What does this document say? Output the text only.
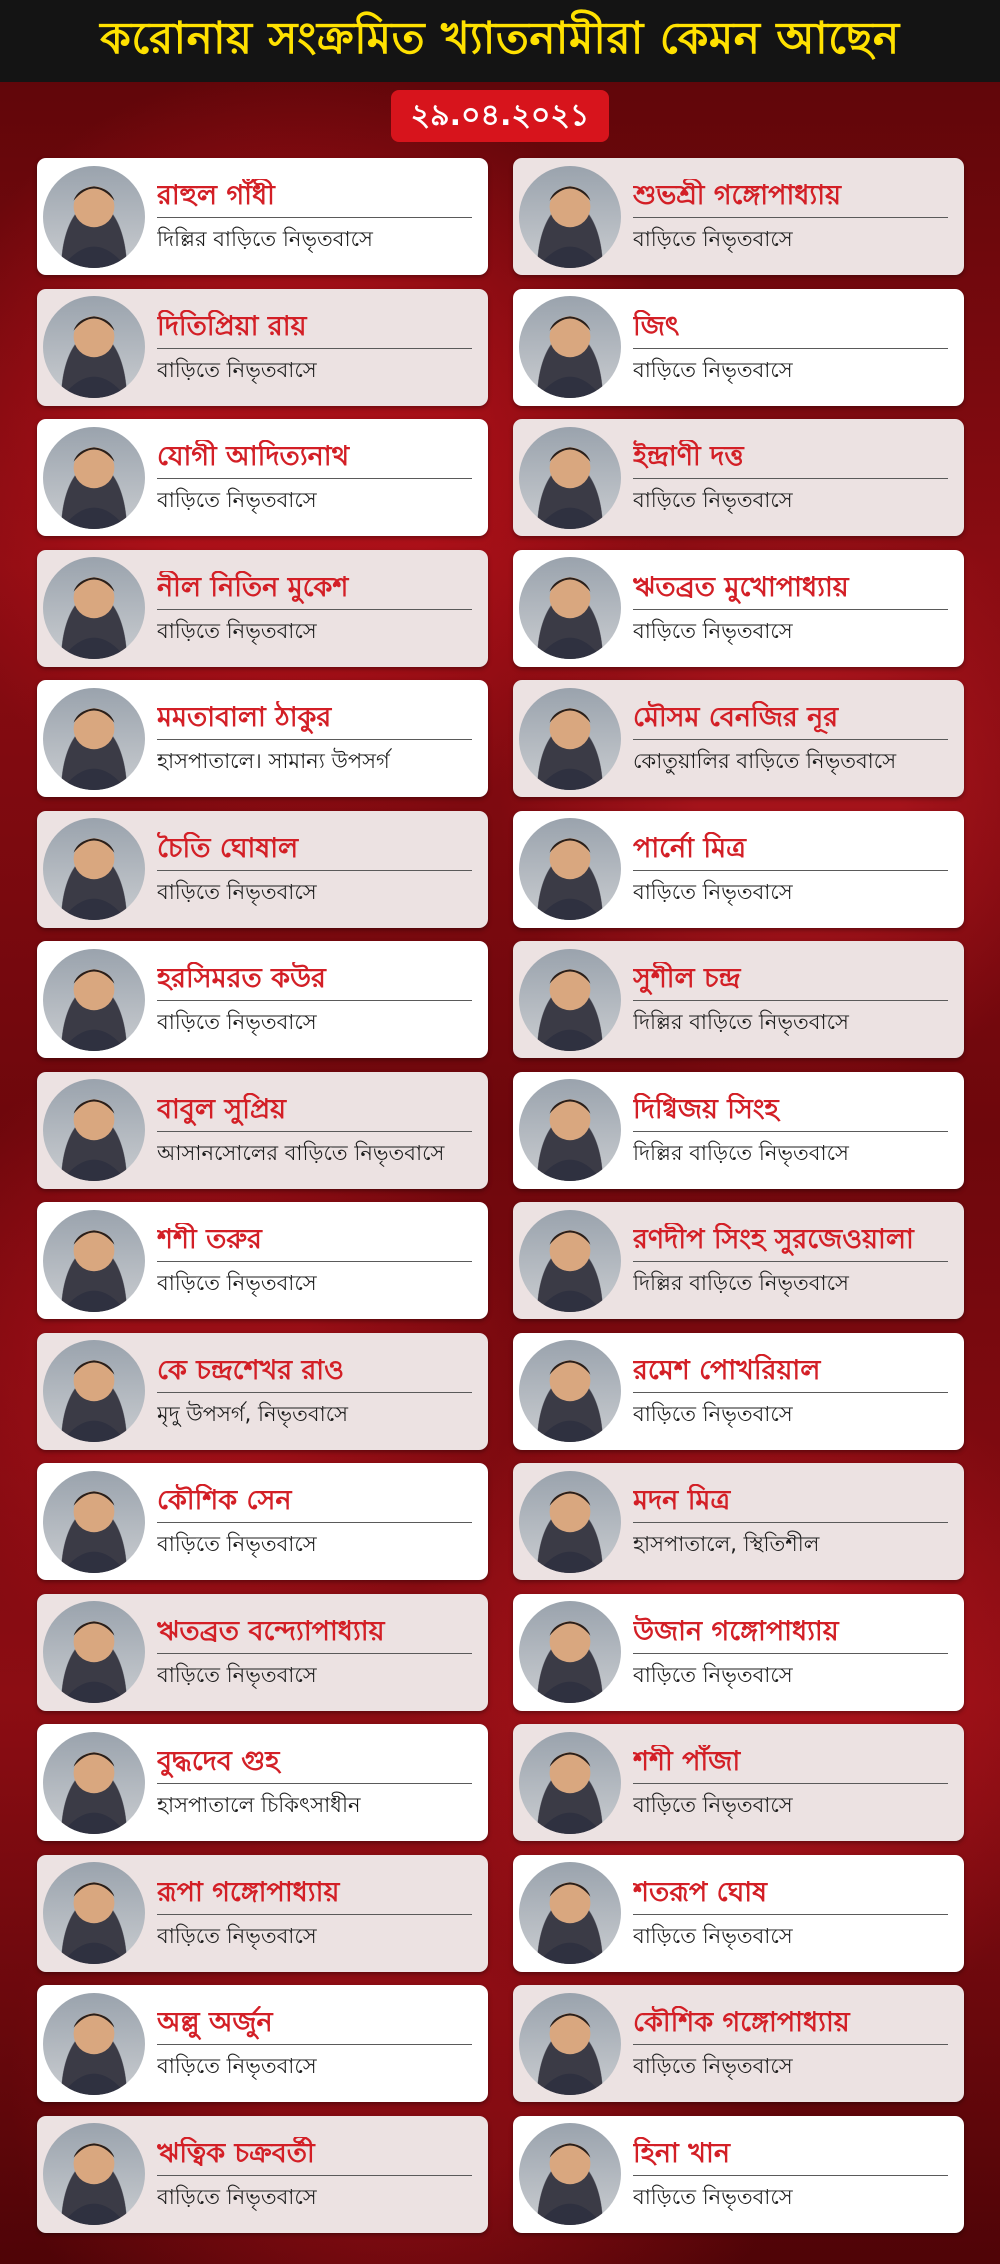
করোনায় সংক্রমিত খ্যাতনামীরা কেমন আছেন
২৯.০৪.২০২১
রাহুল গাঁধী
দিল্লির বাড়িতে নিভৃতবাসে
শুভশ্রী গঙ্গোপাধ্যায়
বাড়িতে নিভৃতবাসে
দিতিপ্রিয়া রায়
বাড়িতে নিভৃতবাসে
জিৎ
বাড়িতে নিভৃতবাসে
যোগী আদিত্যনাথ
বাড়িতে নিভৃতবাসে
ইন্দ্রাণী দত্ত
বাড়িতে নিভৃতবাসে
নীল নিতিন মুকেশ
বাড়িতে নিভৃতবাসে
ঋতব্রত মুখোপাধ্যায়
বাড়িতে নিভৃতবাসে
মমতাবালা ঠাকুর
হাসপাতালে। সামান্য উপসর্গ
মৌসম বেনজির নূর
কোতুয়ালির বাড়িতে নিভৃতবাসে
চৈতি ঘোষাল
বাড়িতে নিভৃতবাসে
পার্নো মিত্র
বাড়িতে নিভৃতবাসে
হরসিমরত কউর
বাড়িতে নিভৃতবাসে
সুশীল চন্দ্র
দিল্লির বাড়িতে নিভৃতবাসে
বাবুল সুপ্রিয়
আসানসোলের বাড়িতে নিভৃতবাসে
দিগ্বিজয় সিংহ
দিল্লির বাড়িতে নিভৃতবাসে
শশী তরুর
বাড়িতে নিভৃতবাসে
রণদীপ সিংহ সুরজেওয়ালা
দিল্লির বাড়িতে নিভৃতবাসে
কে চন্দ্রশেখর রাও
মৃদু উপসর্গ, নিভৃতবাসে
রমেশ পোখরিয়াল
বাড়িতে নিভৃতবাসে
কৌশিক সেন
বাড়িতে নিভৃতবাসে
মদন মিত্র
হাসপাতালে, স্থিতিশীল
ঋতব্রত বন্দ্যোপাধ্যায়
বাড়িতে নিভৃতবাসে
উজান গঙ্গোপাধ্যায়
বাড়িতে নিভৃতবাসে
বুদ্ধদেব গুহ
হাসপাতালে চিকিৎসাধীন
শশী পাঁজা
বাড়িতে নিভৃতবাসে
রূপা গঙ্গোপাধ্যায়
বাড়িতে নিভৃতবাসে
শতরূপ ঘোষ
বাড়িতে নিভৃতবাসে
অল্লু অর্জুন
বাড়িতে নিভৃতবাসে
কৌশিক গঙ্গোপাধ্যায়
বাড়িতে নিভৃতবাসে
ঋত্বিক চক্রবর্তী
বাড়িতে নিভৃতবাসে
হিনা খান
বাড়িতে নিভৃতবাসে
